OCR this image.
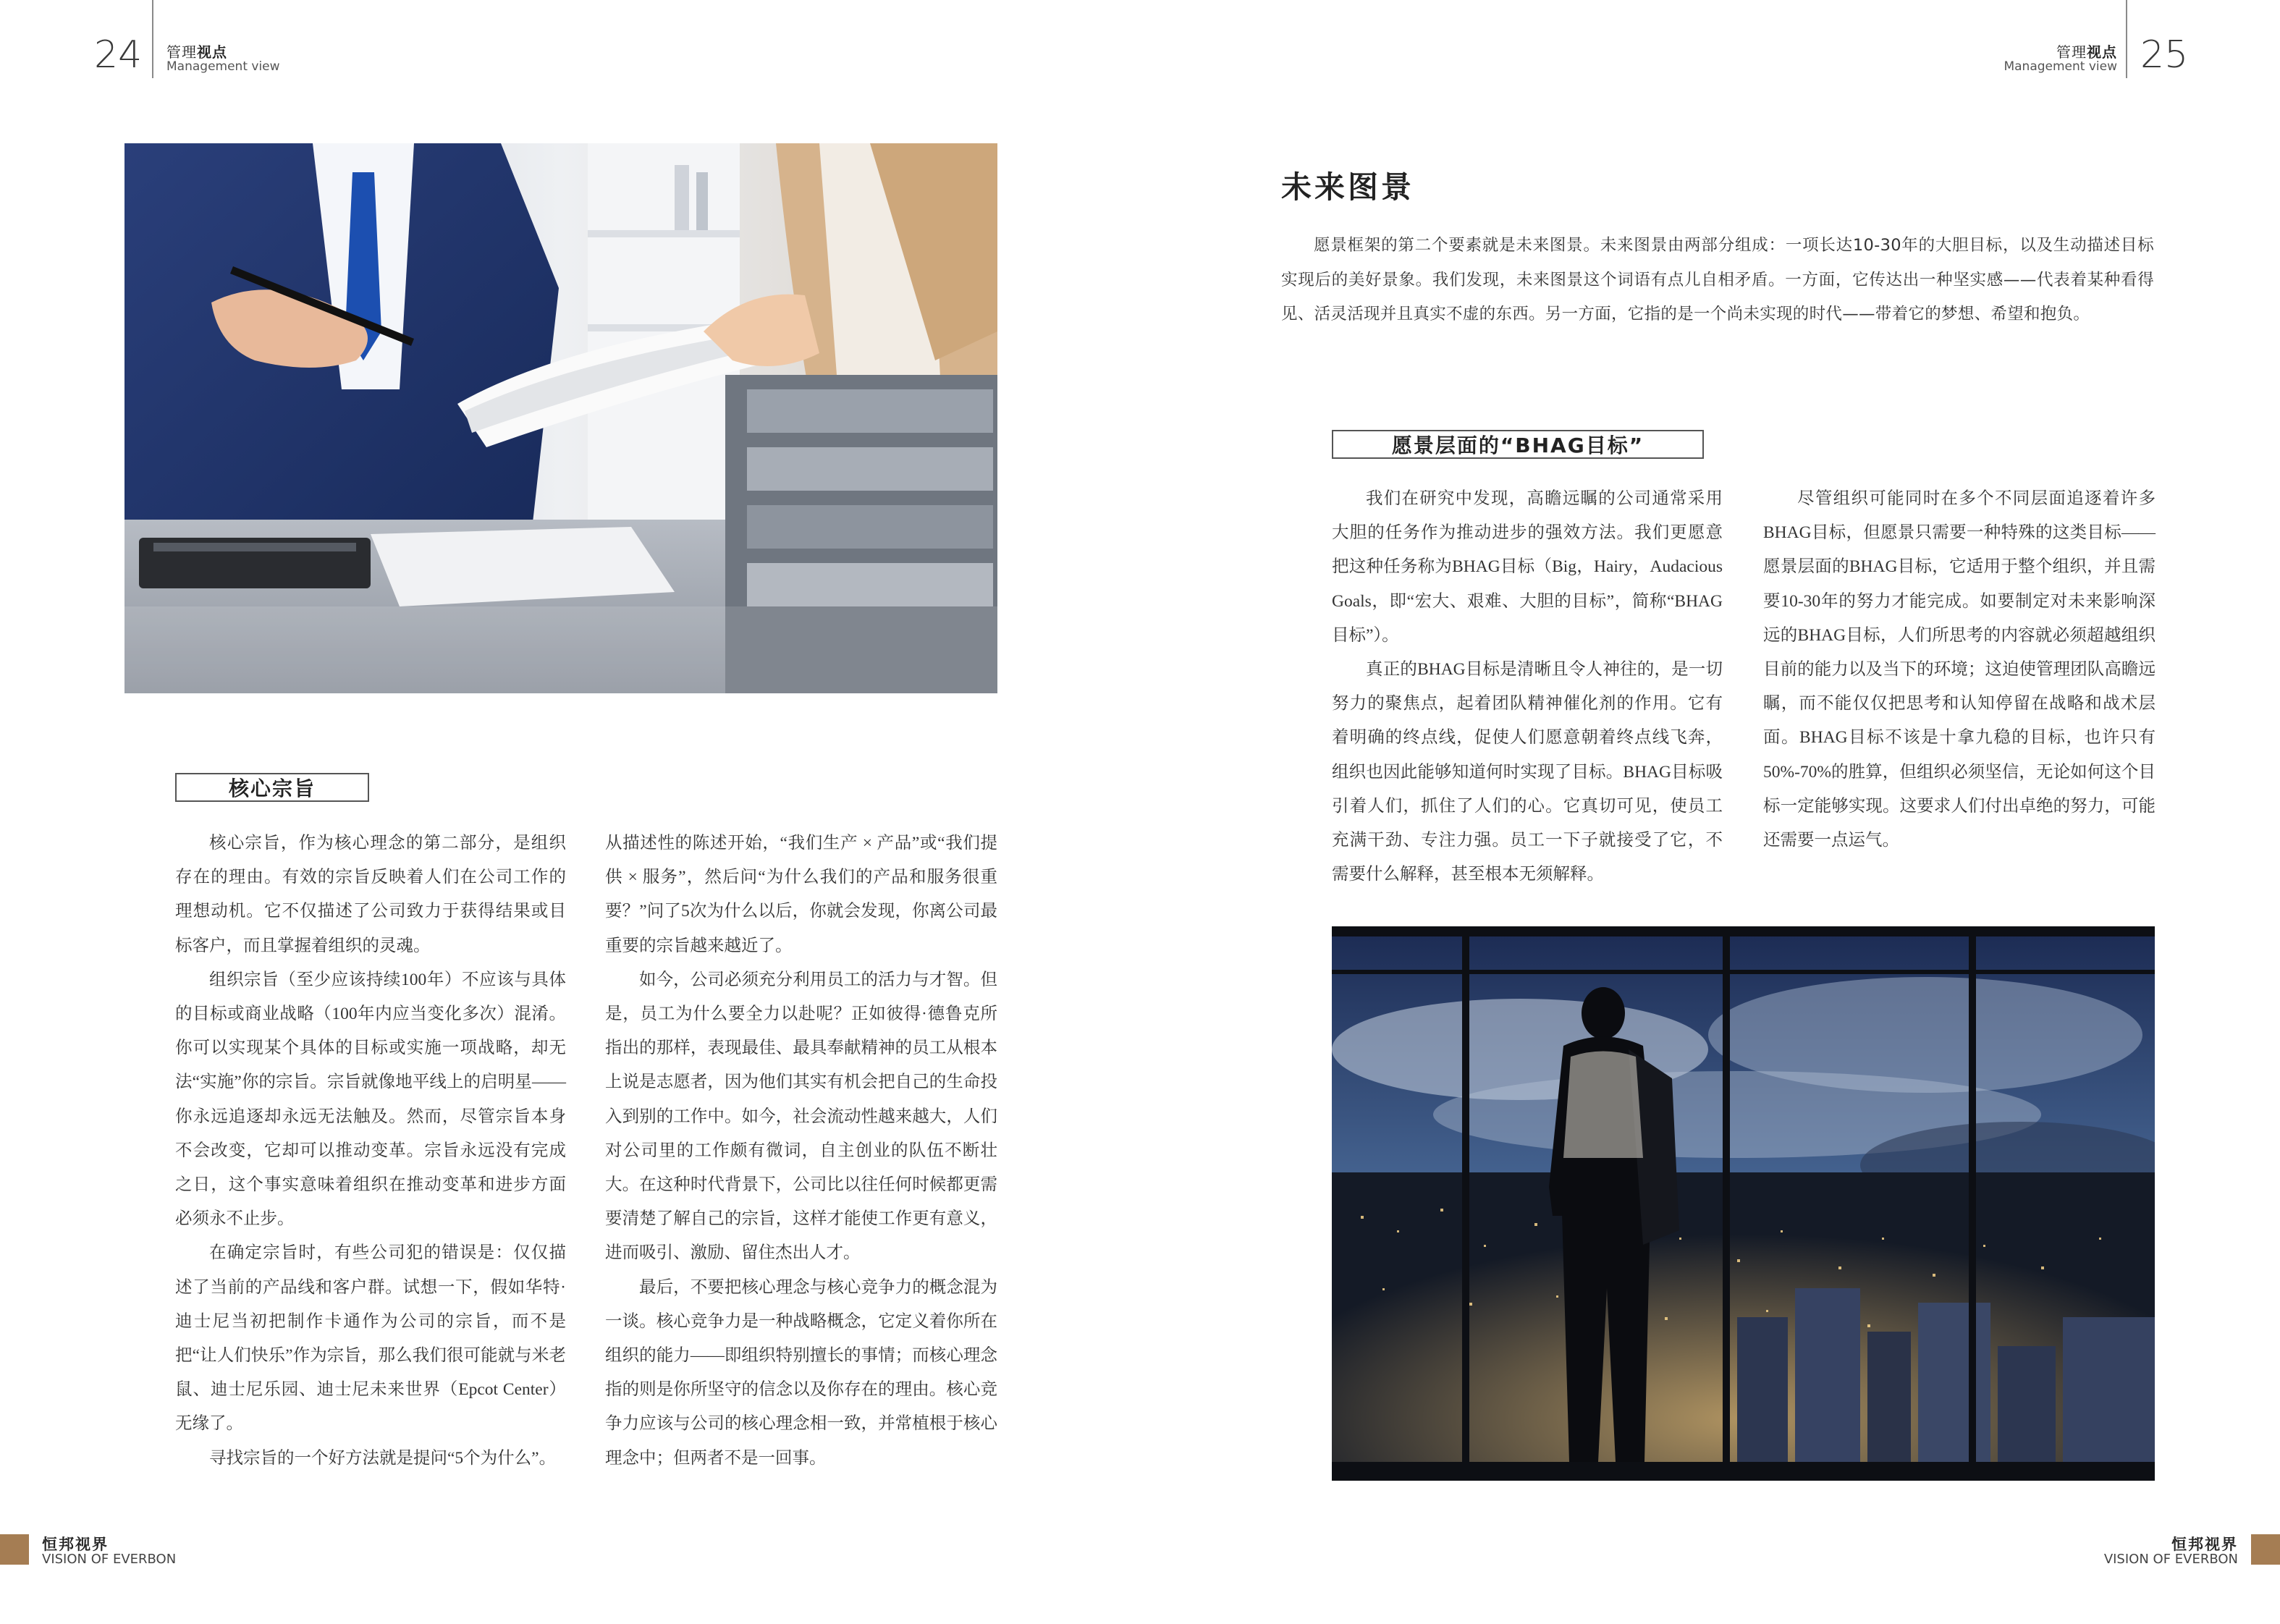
24 管理视点
Management view
管理视点
Management view 25
核心宗旨

核心宗旨，作为核心理念的第二部分，是组织存在的理由。有效的宗旨反映着人们在公司工作的理想动机。它不仅描述了公司致力于获得结果或目标客户，而且掌握着组织的灵魂。

组织宗旨（至少应该持续100年）不应该与具体的目标或商业战略（100年内应当变化多次）混淆。你可以实现某个具体的目标或实施一项战略，却无法“实施”你的宗旨。宗旨就像地平线上的启明星——你永远追逐却永远无法触及。然而，尽管宗旨本身不会改变，它却可以推动变革。宗旨永远没有完成之日，这个事实意味着组织在推动变革和进步方面必须永不止步。

在确定宗旨时，有些公司犯的错误是：仅仅描述了当前的产品线和客户群。试想一下，假如华特·迪士尼当初把制作卡通作为公司的宗旨，而不是把“让人们快乐”作为宗旨，那么我们很可能就与米老鼠、迪士尼乐园、迪士尼未来世界（Epcot Center）无缘了。

寻找宗旨的一个好方法就是提问“5个为什么”。

从描述性的陈述开始，“我们生产 × 产品”或“我们提供 × 服务”，然后问“为什么我们的产品和服务很重要？”问了5次为什么以后，你就会发现，你离公司最重要的宗旨越来越近了。

如今，公司必须充分利用员工的活力与才智。但是，员工为什么要全力以赴呢？正如彼得·德鲁克所指出的那样，表现最佳、最具奉献精神的员工从根本上说是志愿者，因为他们其实有机会把自己的生命投入到别的工作中。如今，社会流动性越来越大，人们对公司里的工作颇有微词，自主创业的队伍不断壮大。在这种时代背景下，公司比以往任何时候都更需要清楚了解自己的宗旨，这样才能使工作更有意义，进而吸引、激励、留住杰出人才。

最后，不要把核心理念与核心竞争力的概念混为一谈。核心竞争力是一种战略概念，它定义着你所在组织的能力——即组织特别擅长的事情；而核心理念指的则是你所坚守的信念以及你存在的理由。核心竞争力应该与公司的核心理念相一致，并常植根于核心理念中；但两者不是一回事。

未来图景

愿景框架的第二个要素就是未来图景。未来图景由两部分组成：一项长达10-30年的大胆目标，以及生动描述目标实现后的美好景象。我们发现，未来图景这个词语有点儿自相矛盾。一方面，它传达出一种坚实感——代表着某种看得见、活灵活现并且真实不虚的东西。另一方面，它指的是一个尚未实现的时代——带着它的梦想、希望和抱负。

愿景层面的“BHAG目标”

我们在研究中发现，高瞻远瞩的公司通常采用大胆的任务作为推动进步的强效方法。我们更愿意把这种任务称为BHAG目标（Big，Hairy，Audacious Goals，即“宏大、艰难、大胆的目标”，简称“BHAG目标”）。

真正的BHAG目标是清晰且令人神往的，是一切努力的聚焦点，起着团队精神催化剂的作用。它有着明确的终点线，促使人们愿意朝着终点线飞奔，组织也因此能够知道何时实现了目标。BHAG目标吸引着人们，抓住了人们的心。它真切可见，使员工充满干劲、专注力强。员工一下子就接受了它，不需要什么解释，甚至根本无须解释。

尽管组织可能同时在多个不同层面追逐着许多BHAG目标，但愿景只需要一种特殊的这类目标——愿景层面的BHAG目标，它适用于整个组织，并且需要10-30年的努力才能完成。如要制定对未来影响深远的BHAG目标，人们所思考的内容就必须超越组织目前的能力以及当下的环境；这迫使管理团队高瞻远瞩，而不能仅仅把思考和认知停留在战略和战术层面。BHAG目标不该是十拿九稳的目标，也许只有50%-70%的胜算，但组织必须坚信，无论如何这个目标一定能够实现。这要求人们付出卓绝的努力，可能还需要一点运气。

恒邦视界
VISION OF EVERBON
恒邦视界
VISION OF EVERBON
